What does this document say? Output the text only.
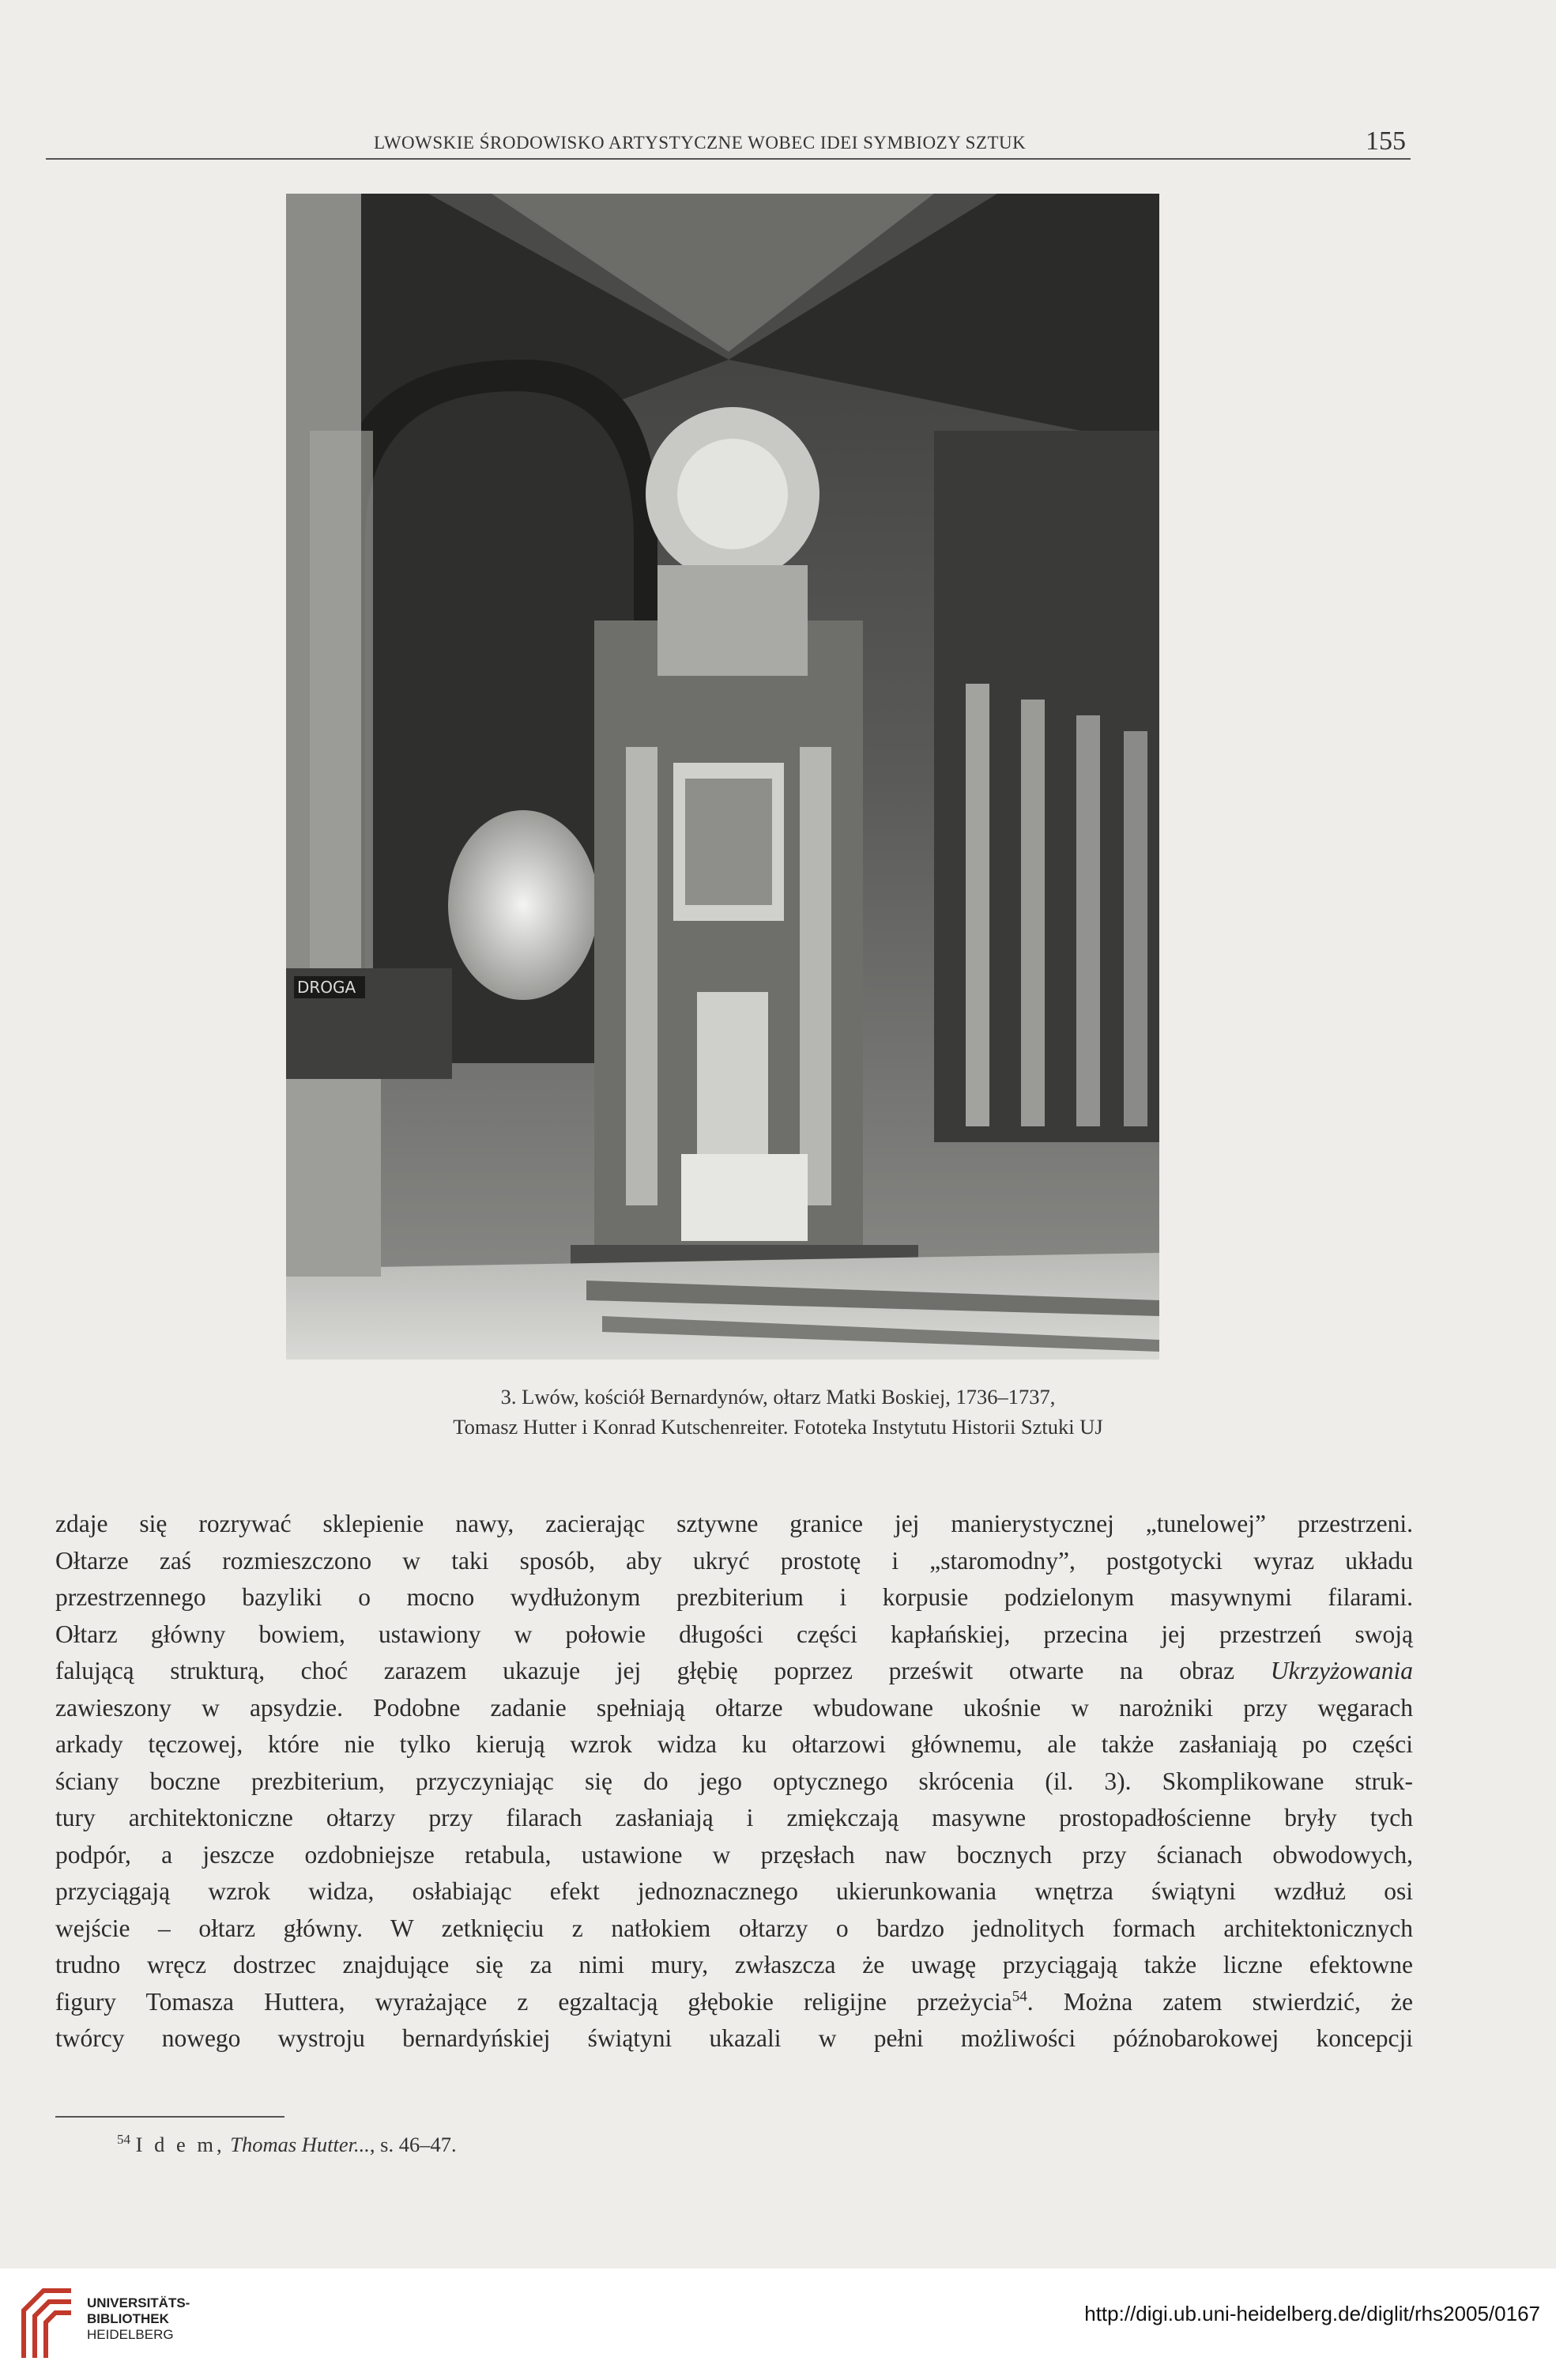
LWOWSKIE ŚRODOWISKO ARTYSTYCZNE WOBEC IDEI SYMBIOZY SZTUK	155
DROGA
3. Lwów, kościół Bernardynów, ołtarz Matki Boskiej, 1736–1737,
Tomasz Hutter i Konrad Kutschenreiter. Fototeka Instytutu Historii Sztuki UJ
zdaje się rozrywać sklepienie nawy, zacierając sztywne granice jej manierystycznej „tunelowej” przestrzeni.
Ołtarze zaś rozmieszczono w taki sposób, aby ukryć prostotę i „staromodny”, postgotycki wyraz układu
przestrzennego bazyliki o mocno wydłużonym prezbiterium i korpusie podzielonym masywnymi filarami.
Ołtarz główny bowiem, ustawiony w połowie długości części kapłańskiej, przecina jej przestrzeń swoją
falującą strukturą, choć zarazem ukazuje jej głębię poprzez prześwit otwarte na obraz Ukrzyżowania
zawieszony w apsydzie. Podobne zadanie spełniają ołtarze wbudowane ukośnie w narożniki przy węgarach
arkady tęczowej, które nie tylko kierują wzrok widza ku ołtarzowi głównemu, ale także zasłaniają po części
ściany boczne prezbiterium, przyczyniając się do jego optycznego skrócenia (il. 3). Skomplikowane struk-
tury architektoniczne ołtarzy przy filarach zasłaniają i zmiękczają masywne prostopadłościenne bryły tych
podpór, a jeszcze ozdobniejsze retabula, ustawione w przęsłach naw bocznych przy ścianach obwodowych,
przyciągają wzrok widza, osłabiając efekt jednoznacznego ukierunkowania wnętrza świątyni wzdłuż osi
wejście – ołtarz główny. W zetknięciu z natłokiem ołtarzy o bardzo jednolitych formach architektonicznych
trudno wręcz dostrzec znajdujące się za nimi mury, zwłaszcza że uwagę przyciągają także liczne efektowne
figury Tomasza Huttera, wyrażające z egzaltacją głębokie religijne przeżycia$^{54}$. Można zatem stwierdzić, że
twórcy nowego wystroju bernardyńskiej świątyni ukazali w pełni możliwości późnobarokowej koncepcji
$^{54}$ I d e m, Thomas Hutter..., s. 46–47.
UNIVERSITÄTS-
BIBLIOTHEK
HEIDELBERG
http://digi.ub.uni-heidelberg.de/diglit/rhs2005/0167
